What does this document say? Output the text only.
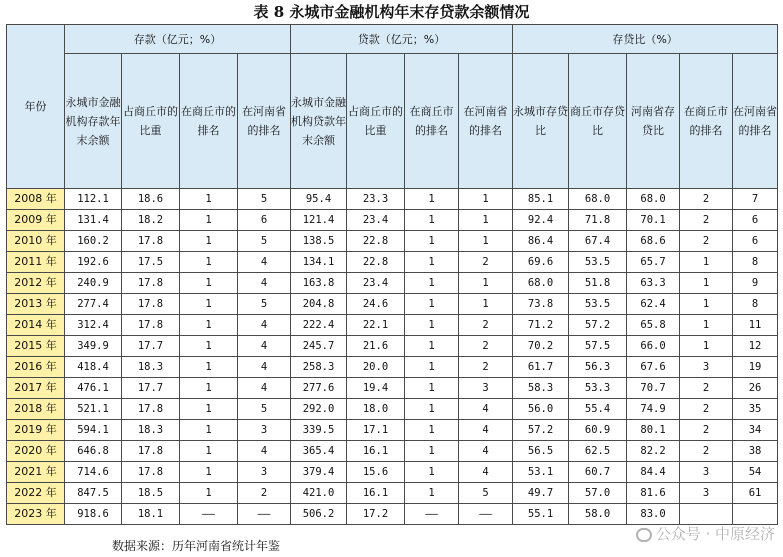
表 8 永城市金融机构年末存贷款余额情况
年份	存款（亿元；%）				贷款（亿元；%）				存贷比（%）				
	永城市金融机构存款年末余额	占商丘市的比重	在商丘市的排名	在河南省的排名	永城市金融机构贷款年末余额	占商丘市的比重	在商丘市的排名	在河南省的排名	永城市存贷比	商丘市存贷比	河南省存贷比	在商丘市的排名	在河南省的排名
2008 年	112.1	18.6	1	5	95.4	23.3	1	1	85.1	68.0	68.0	2	7
2009 年	131.4	18.2	1	6	121.4	23.4	1	1	92.4	71.8	70.1	2	6
2010 年	160.2	17.8	1	5	138.5	22.8	1	1	86.4	67.4	68.6	2	6
2011 年	192.6	17.5	1	4	134.1	22.8	1	2	69.6	53.5	65.7	1	8
2012 年	240.9	17.8	1	4	163.8	23.4	1	1	68.0	51.8	63.3	1	9
2013 年	277.4	17.8	1	5	204.8	24.6	1	1	73.8	53.5	62.4	1	8
2014 年	312.4	17.8	1	4	222.4	22.1	1	2	71.2	57.2	65.8	1	11
2015 年	349.9	17.7	1	4	245.7	21.6	1	2	70.2	57.5	66.0	1	12
2016 年	418.4	18.3	1	4	258.3	20.0	1	2	61.7	56.3	67.6	3	19
2017 年	476.1	17.7	1	4	277.6	19.4	1	3	58.3	53.3	70.7	2	26
2018 年	521.1	17.8	1	5	292.0	18.0	1	4	56.0	55.4	74.9	2	35
2019 年	594.1	18.3	1	3	339.5	17.1	1	4	57.2	60.9	80.1	2	34
2020 年	646.8	17.8	1	4	365.4	16.1	1	4	56.5	62.5	82.2	2	38
2021 年	714.6	17.8	1	3	379.4	15.6	1	4	53.1	60.7	84.4	3	54
2022 年	847.5	18.5	1	2	421.0	16.1	1	5	49.7	57.0	81.6	3	61
2023 年	918.6	18.1	——	——	506.2	17.2	——	——	55.1	58.0	83.0		
数据来源：历年河南省统计年鉴
公众号 · 中原经济
